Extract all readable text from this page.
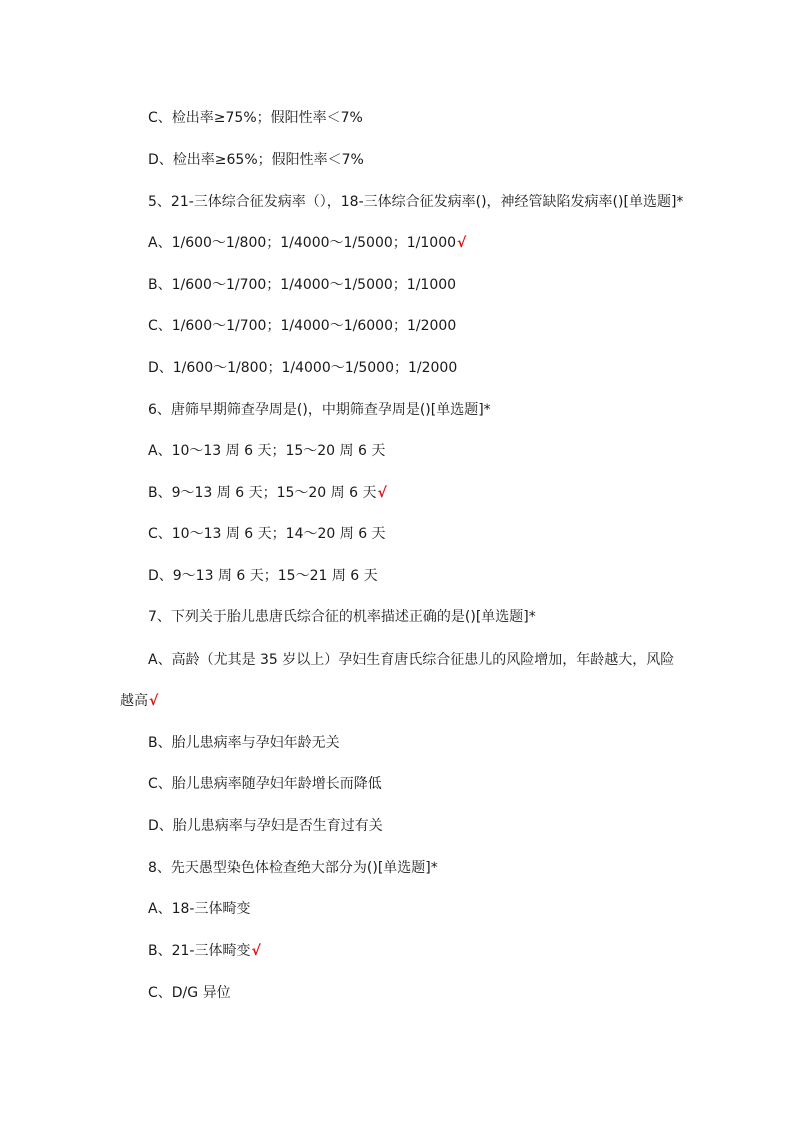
C、检出率≥75%；假阳性率＜7%
D、检出率≥65%；假阳性率＜7%
5、21-三体综合征发病率（），18-三体综合征发病率()，神经管缺陷发病率()[单选题]*
A、1/600～1/800；1/4000～1/5000；1/1000√
B、1/600～1/700；1/4000～1/5000；1/1000
C、1/600～1/700；1/4000～1/6000；1/2000
D、1/600～1/800；1/4000～1/5000；1/2000
6、唐筛早期筛查孕周是()，中期筛查孕周是()[单选题]*
A、10～13 周 6 天；15～20 周 6 天
B、9～13 周 6 天；15～20 周 6 天√
C、10～13 周 6 天；14～20 周 6 天
D、9～13 周 6 天；15～21 周 6 天
7、下列关于胎儿患唐氏综合征的机率描述正确的是()[单选题]*
A、高龄（尤其是 35 岁以上）孕妇生育唐氏综合征患儿的风险增加，年龄越大，风险
越高√
B、胎儿患病率与孕妇年龄无关
C、胎儿患病率随孕妇年龄增长而降低
D、胎儿患病率与孕妇是否生育过有关
8、先天愚型染色体检查绝大部分为()[单选题]*
A、18-三体畸变
B、21-三体畸变√
C、D/G 异位
